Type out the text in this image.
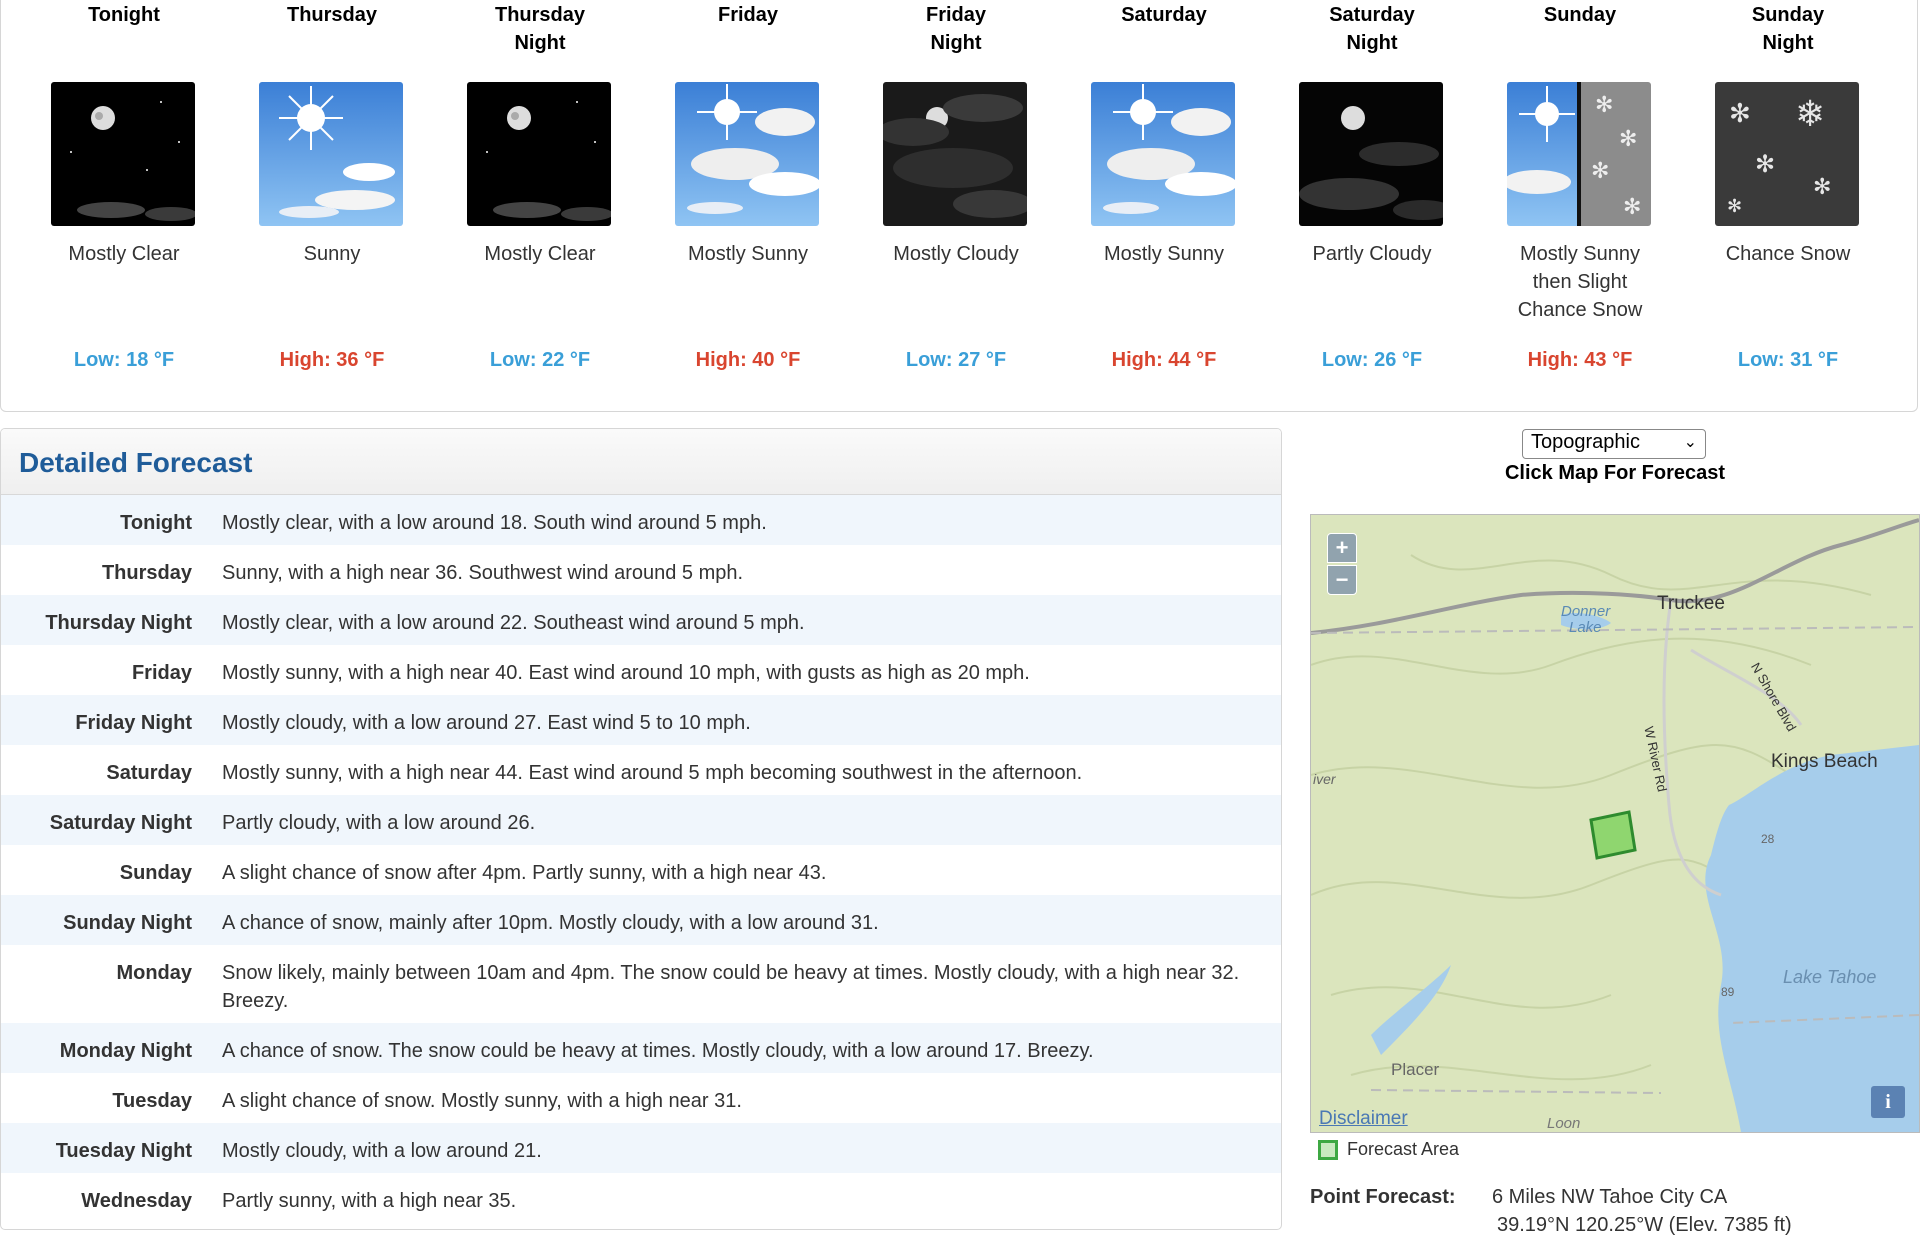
Tonight
Mostly Clear
Low: 18 °F
Thursday
Sunny
High: 36 °F
Thursday
Night
Mostly Clear
Low: 22 °F
Friday
Mostly Sunny
High: 40 °F
Friday
Night
Mostly Cloudy
Low: 27 °F
Saturday
Mostly Sunny
High: 44 °F
Saturday
Night
Partly Cloudy
Low: 26 °F
Sunday
✻
✻
✻
✻
Mostly Sunny
then Slight
Chance Snow
High: 43 °F
Sunday
Night
✻ ❄
✻
✻
✻
Chance Snow
Low: 31 °F
Detailed Forecast
Tonight Mostly clear, with a low around 18. South wind around 5 mph.
Thursday Sunny, with a high near 36. Southwest wind around 5 mph.
Thursday Night Mostly clear, with a low around 22. Southeast wind around 5 mph.
Friday Mostly sunny, with a high near 40. East wind around 10 mph, with gusts as high as 20 mph.
Friday Night Mostly cloudy, with a low around 27. East wind 5 to 10 mph.
Saturday Mostly sunny, with a high near 44. East wind around 5 mph becoming southwest in the afternoon.
Saturday Night Partly cloudy, with a low around 26.
Sunday A slight chance of snow after 4pm. Partly sunny, with a high near 43.
Sunday Night A chance of snow, mainly after 10pm. Mostly cloudy, with a low around 31.
Monday Snow likely, mainly between 10am and 4pm. The snow could be heavy at times. Mostly cloudy, with a high near 32. Breezy.
Monday Night A chance of snow. The snow could be heavy at times. Mostly cloudy, with a low around 17. Breezy.
Tuesday A slight chance of snow. Mostly sunny, with a high near 31.
Tuesday Night Mostly cloudy, with a low around 21.
Wednesday Partly sunny, with a high near 35.
Topographic	⌄
Click Map For Forecast
+
−
Truckee
Donner
Lake
N Shore Blvd
W River Rd	Kings Beach
Lake Tahoe
Placer
iver
Loon
28
89
i
Disclaimer
Forecast Area
Point Forecast: 6 Miles NW Tahoe City CA
39.19°N 120.25°W (Elev. 7385 ft)
